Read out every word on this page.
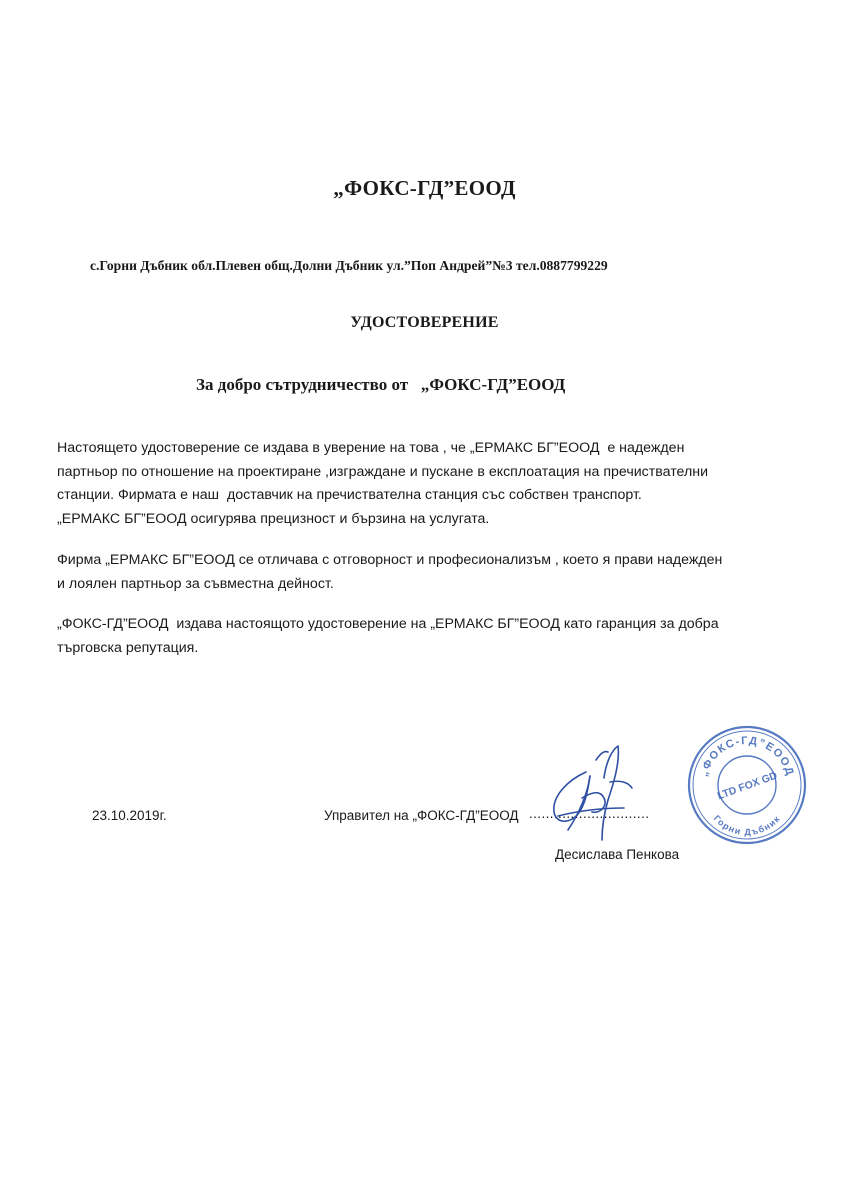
„ФОКС-ГД”ЕООД
с.Горни Дъбник обл.Плевен общ.Долни Дъбник ул.”Поп Андрей”№3 тел.0887799229
УДОСТОВЕРЕНИЕ
За добро сътрудничество от   „ФОКС-ГД”ЕООД
Настоящето удостоверение се издава в уверение на това , че „ЕРМАКС БГ”ЕООД  е надежден
партньор по отношение на проектиране ,изграждане и пускане в експлоатация на пречиствателни
станции. Фирмата е наш  доставчик на пречиствателна станция със собствен транспорт.
„ЕРМАКС БГ”ЕООД осигурява прецизност и бързина на услугата.
Фирма „ЕРМАКС БГ”ЕООД се отличава с отговорност и професионализъм , което я прави надежден
и лоялен партньор за съвместна дейност.
„ФОКС-ГД”ЕООД  издава настоящото удостоверение на „ЕРМАКС БГ”ЕООД като гаранция за добра
търговска репутация.
23.10.2019г.	Управител на „ФОКС-ГД”ЕООД .............................
Десислава Пенкова
„ФОКС-ГД”ЕООД
Горни Дъбник
LTD FOX GD
